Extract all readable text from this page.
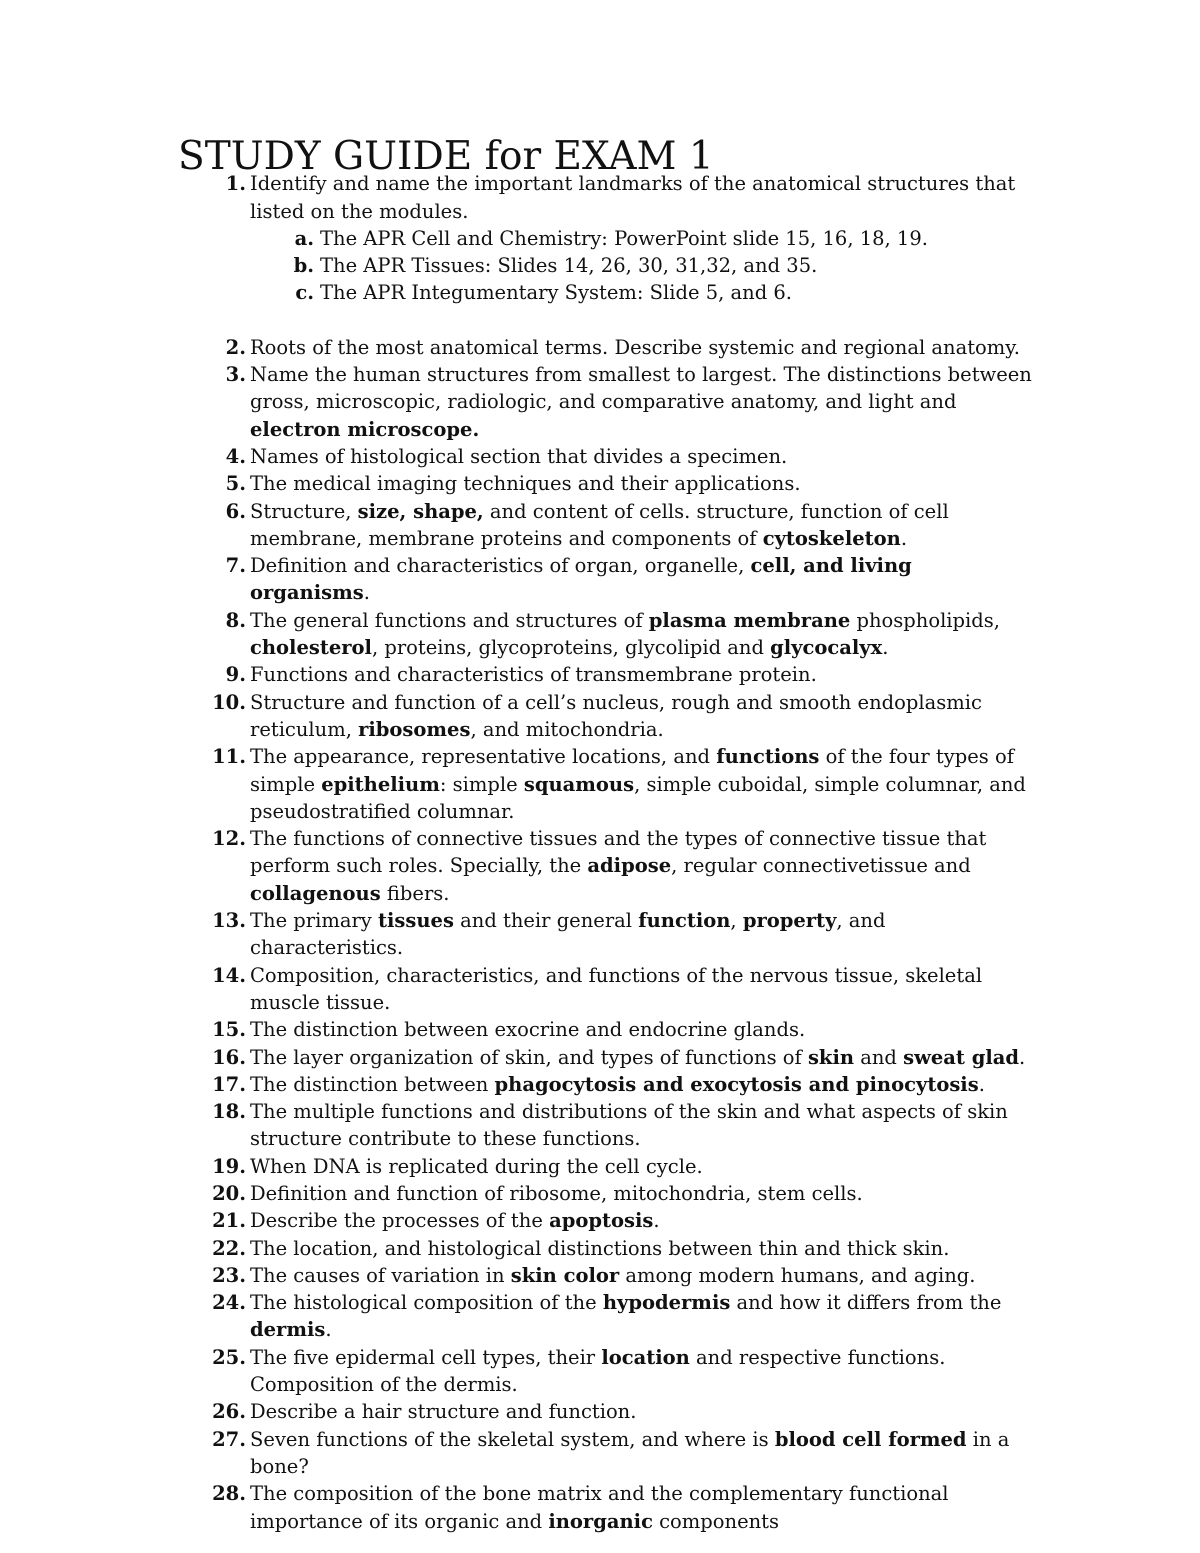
STUDY GUIDE for EXAM 1
1. Identify and name the important landmarks of the anatomical structures that listed on the modules.
a. The APR Cell and Chemistry: PowerPoint slide 15, 16, 18, 19.
b. The APR Tissues: Slides 14, 26, 30, 31,32, and 35.
c. The APR Integumentary System: Slide 5, and 6.
2. Roots of the most anatomical terms. Describe systemic and regional anatomy.
3. Name the human structures from smallest to largest. The distinctions between gross, microscopic, radiologic, and comparative anatomy, and light and electron microscope.
4. Names of histological section that divides a specimen.
5. The medical imaging techniques and their applications.
6. Structure, size, shape, and content of cells. structure, function of cell membrane, membrane proteins and components of cytoskeleton.
7. Definition and characteristics of organ, organelle, cell, and living organisms.
8. The general functions and structures of plasma membrane phospholipids, cholesterol, proteins, glycoproteins, glycolipid and glycocalyx.
9. Functions and characteristics of transmembrane protein.
10. Structure and function of a cell’s nucleus, rough and smooth endoplasmic reticulum, ribosomes, and mitochondria.
11. The appearance, representative locations, and functions of the four types of simple epithelium: simple squamous, simple cuboidal, simple columnar, and pseudostratified columnar.
12. The functions of connective tissues and the types of connective tissue that perform such roles. Specially, the adipose, regular connectivetissue and collagenous fibers.
13. The primary tissues and their general function, property, and characteristics.
14. Composition, characteristics, and functions of the nervous tissue, skeletal muscle tissue.
15. The distinction between exocrine and endocrine glands.
16. The layer organization of skin, and types of functions of skin and sweat glad.
17. The distinction between phagocytosis and exocytosis and pinocytosis.
18. The multiple functions and distributions of the skin and what aspects of skin structure contribute to these functions.
19. When DNA is replicated during the cell cycle.
20. Definition and function of ribosome, mitochondria, stem cells.
21. Describe the processes of the apoptosis.
22. The location, and histological distinctions between thin and thick skin.
23. The causes of variation in skin color among modern humans, and aging.
24. The histological composition of the hypodermis and how it differs from the dermis.
25. The five epidermal cell types, their location and respective functions. Composition of the dermis.
26. Describe a hair structure and function.
27. Seven functions of the skeletal system, and where is blood cell formed in a bone?
28. The composition of the bone matrix and the complementary functional importance of its organic and inorganic components
